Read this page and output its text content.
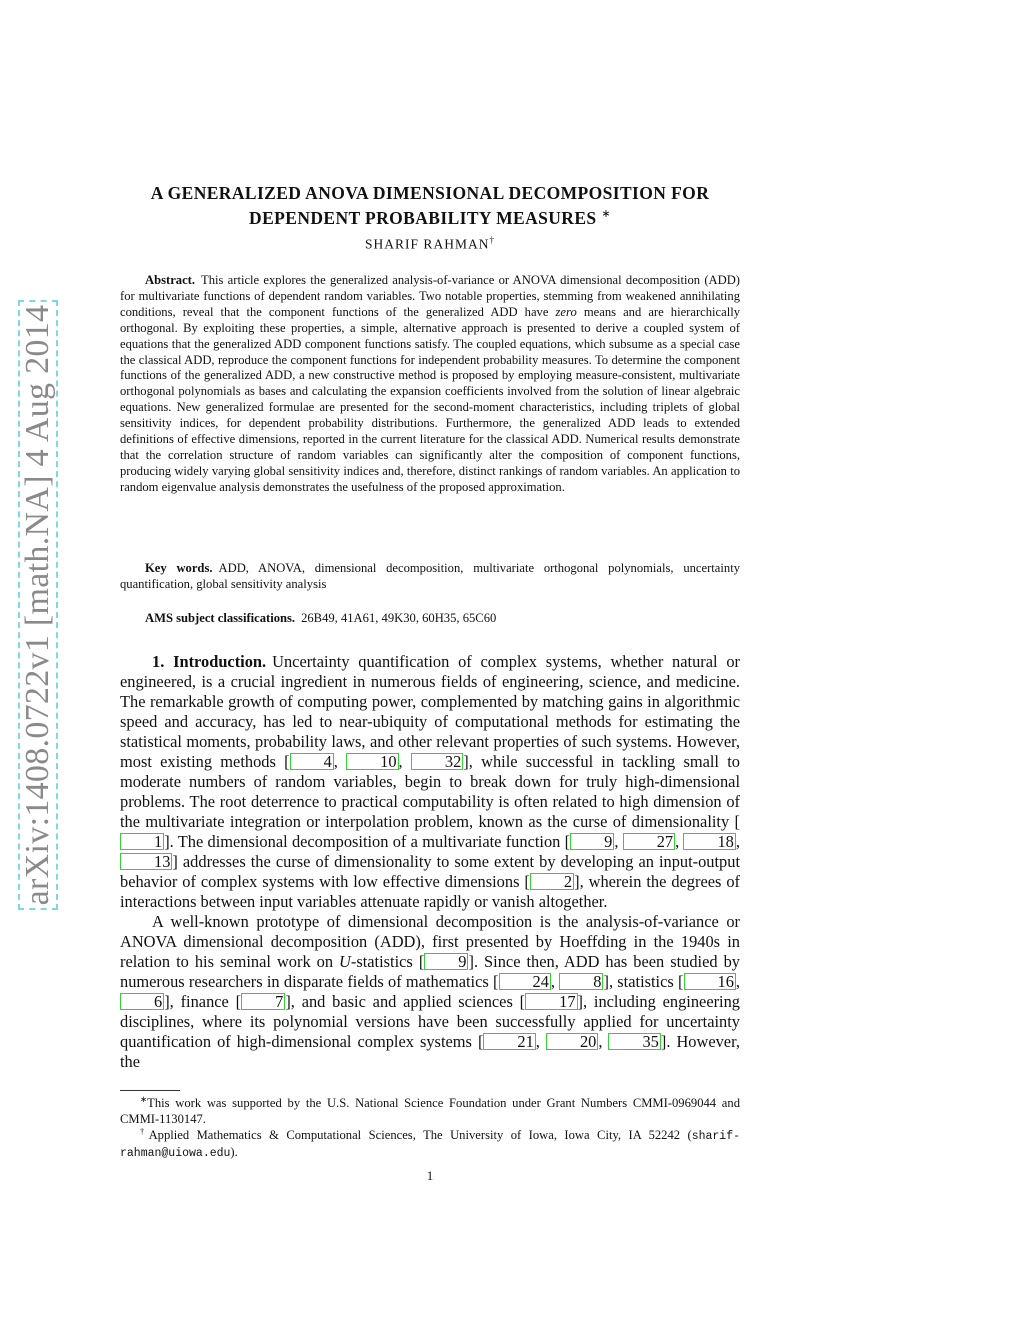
arXiv:1408.0722v1 [math.NA] 4 Aug 2014
A GENERALIZED ANOVA DIMENSIONAL DECOMPOSITION FOR
DEPENDENT PROBABILITY MEASURES ∗
SHARIF RAHMAN†
Abstract. This article explores the generalized analysis-of-variance or ANOVA dimensional decomposition (ADD) for multivariate functions of dependent random variables. Two notable properties, stemming from weakened annihilating conditions, reveal that the component functions of the generalized ADD have zero means and are hierarchically orthogonal. By exploiting these properties, a simple, alternative approach is presented to derive a coupled system of equations that the generalized ADD component functions satisfy. The coupled equations, which subsume as a special case the classical ADD, reproduce the component functions for independent probability measures. To determine the component functions of the generalized ADD, a new constructive method is proposed by employing measure-consistent, multivariate orthogonal polynomials as bases and calculating the expansion coefficients involved from the solution of linear algebraic equations. New generalized formulae are presented for the second-moment characteristics, including triplets of global sensitivity indices, for dependent probability distributions. Furthermore, the generalized ADD leads to extended definitions of effective dimensions, reported in the current literature for the classical ADD. Numerical results demonstrate that the correlation structure of random variables can significantly alter the composition of component functions, producing widely varying global sensitivity indices and, therefore, distinct rankings of random variables. An application to random eigenvalue analysis demonstrates the usefulness of the proposed approximation.
Key words. ADD, ANOVA, dimensional decomposition, multivariate orthogonal polynomials, uncertainty quantification, global sensitivity analysis
AMS subject classifications. 26B49, 41A61, 49K30, 60H35, 65C60

1. Introduction. Uncertainty quantification of complex systems, whether natural or engineered, is a crucial ingredient in numerous fields of engineering, science, and medicine. The remarkable growth of computing power, complemented by matching gains in algorithmic speed and accuracy, has led to near-ubiquity of computational methods for estimating the statistical moments, probability laws, and other relevant properties of such systems. However, most existing methods [ 4 , 10 , 32 ], while successful in tackling small to moderate numbers of random variables, begin to break down for truly high-dimensional problems. The root deterrence to practical computability is often related to high dimension of the multivariate integration or interpolation problem, known as the curse of dimensionality [1 ]. The dimensional decomposition of a multivariate function [ 9 , 27 , 18 , 13 ] addresses the curse of dimensionality to some extent by developing an input-output behavior of complex systems with low effective dimensions [ 2 ], wherein the degrees of interactions between input variables attenuate rapidly or vanish altogether.

A well-known prototype of dimensional decomposition is the analysis-of-variance or ANOVA dimensional decomposition (ADD), first presented by Hoeffding in the 1940s in relation to his seminal work on U-statistics [ 9 ]. Since then, ADD has been studied by numerous researchers in disparate fields of mathematics [ 24 , 8 ], statistics [ 16 , 6 ], finance [ 7 ], and basic and applied sciences [ 17 ], including engineering disciplines, where its polynomial versions have been successfully applied for uncertainty quantification of high-dimensional complex systems [ 21 , 20 , 35 ]. However, the

∗This work was supported by the U.S. National Science Foundation under Grant Numbers CMMI-0969044 and CMMI-1130147.

†Applied Mathematics & Computational Sciences, The University of Iowa, Iowa City, IA 52242 (sharif-rahman@uiowa.edu).

1
